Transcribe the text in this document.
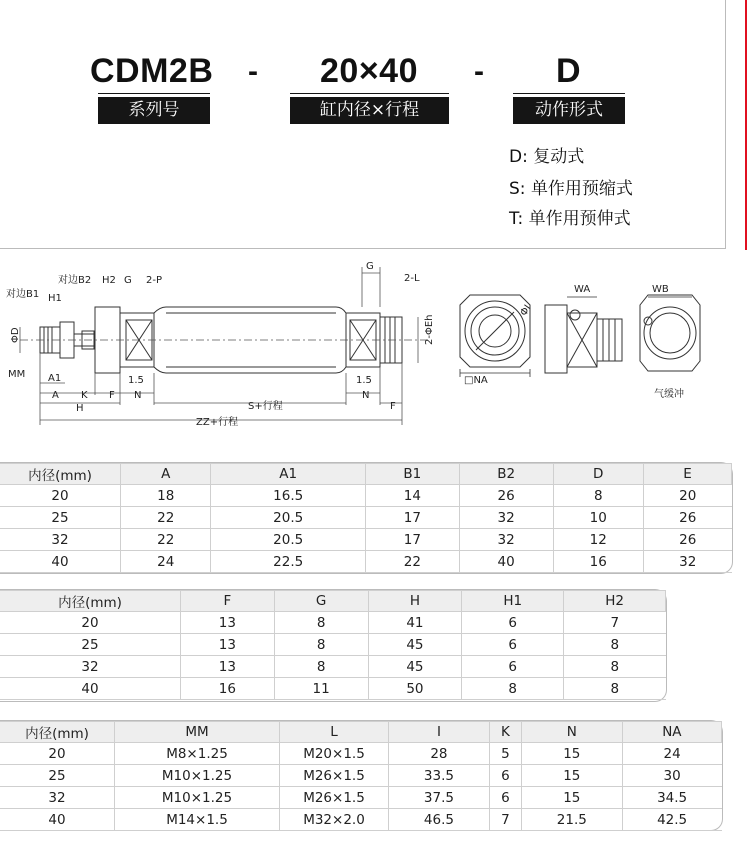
CDM2B - 20×40 - D
系列号	缸内径×行程	动作形式
D: 复动式
S: 单作用预缩式
T: 单作用预伸式
对边B1 H1
对边B2 H2 G 2-P
G
2-L
ΦD
MM
2-ΦEh
A1
A K F N
1.5
H	S+行程
1.5
N
F
ZZ+行程
ΦI
□NA
WA	WB
气缓冲
内径(mm)	A	A1	B1	B2	D	E
20	18	16.5	14	26	8	20
25	22	20.5	17	32	10	26
32	22	20.5	17	32	12	26
40	24	22.5	22	40	16	32
内径(mm)	F	G	H	H1	H2
20	13	8	41	6	7
25	13	8	45	6	8
32	13	8	45	6	8
40	16	11	50	8	8
内径(mm)	MM	L	I	K	N	NA
20	M8×1.25	M20×1.5	28	5	15	24
25	M10×1.25	M26×1.5	33.5	6	15	30
32	M10×1.25	M26×1.5	37.5	6	15	34.5
40	M14×1.5	M32×2.0	46.5	7	21.5	42.5
